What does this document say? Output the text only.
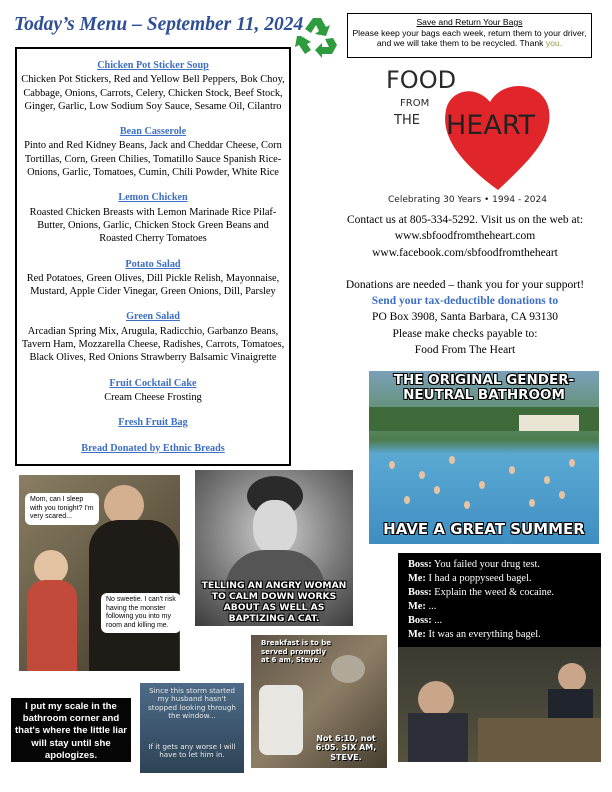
Today’s Menu – September 11, 2024	Save and Return Your Bags
Please keep your bags each week, return them to your driver, and we will take them to be recycled. Thank you.
Chicken Pot Sticker Soup
Chicken Pot Stickers, Red and Yellow Bell Peppers, Bok Choy, Cabbage, Onions, Carrots, Celery, Chicken Stock, Beef Stock, Ginger, Garlic, Low Sodium Soy Sauce, Sesame Oil, Cilantro
Bean Casserole
Pinto and Red Kidney Beans, Jack and Cheddar Cheese, Corn Tortillas, Corn, Green Chilies, Tomatillo Sauce Spanish Rice- Onions, Garlic, Tomatoes, Cumin, Chili Powder, White Rice
Lemon Chicken
Roasted Chicken Breasts with Lemon Marinade Rice Pilaf- Butter, Onions, Garlic, Chicken Stock Green Beans and Roasted Cherry Tomatoes
Potato Salad
Red Potatoes, Green Olives, Dill Pickle Relish, Mayonnaise, Mustard, Apple Cider Vinegar, Green Onions, Dill, Parsley
Green Salad
Arcadian Spring Mix, Arugula, Radicchio, Garbanzo Beans, Tavern Ham, Mozzarella Cheese, Radishes, Carrots, Tomatoes, Black Olives, Red Onions Strawberry Balsamic Vinaigrette
Fruit Cocktail Cake
Cream Cheese Frosting
Fresh Fruit Bag
Bread Donated by Ethnic Breads
FOOD
FROM
THE HEART
Celebrating 30 Years • 1994 - 2024
Contact us at 805-334-5292. Visit us on the web at:
www.sbfoodfromtheheart.com
www.facebook.com/sbfoodfromtheheart
Donations are needed – thank you for your support!
Send your tax-deductible donations to
PO Box 3908, Santa Barbara, CA 93130
Please make checks payable to:
Food From The Heart
THE ORIGINAL GENDER-NEUTRAL BATHROOM
HAVE A GREAT SUMMER
Mom, can I sleep with you tonight? I'm very scared...
No sweetie. I can't risk having the monster following you into my room and killing me.
TELLING AN ANGRY WOMAN TO CALM DOWN WORKS ABOUT AS WELL AS BAPTIZING A CAT.
Boss: You failed your drug test.
Me: I had a poppyseed bagel.
Boss: Explain the weed & cocaine.
Me: ...
Boss: ...
Me: It was an everything bagel.
Breakfast is to be served promptly at 6 am, Steve.
Not 6:10, not 6:05. SIX AM, STEVE.
Since this storm started my husband hasn't stopped looking through the window...
If it gets any worse I will have to let him in.
I put my scale in the bathroom corner and that's where the little liar will stay until she apologizes.
